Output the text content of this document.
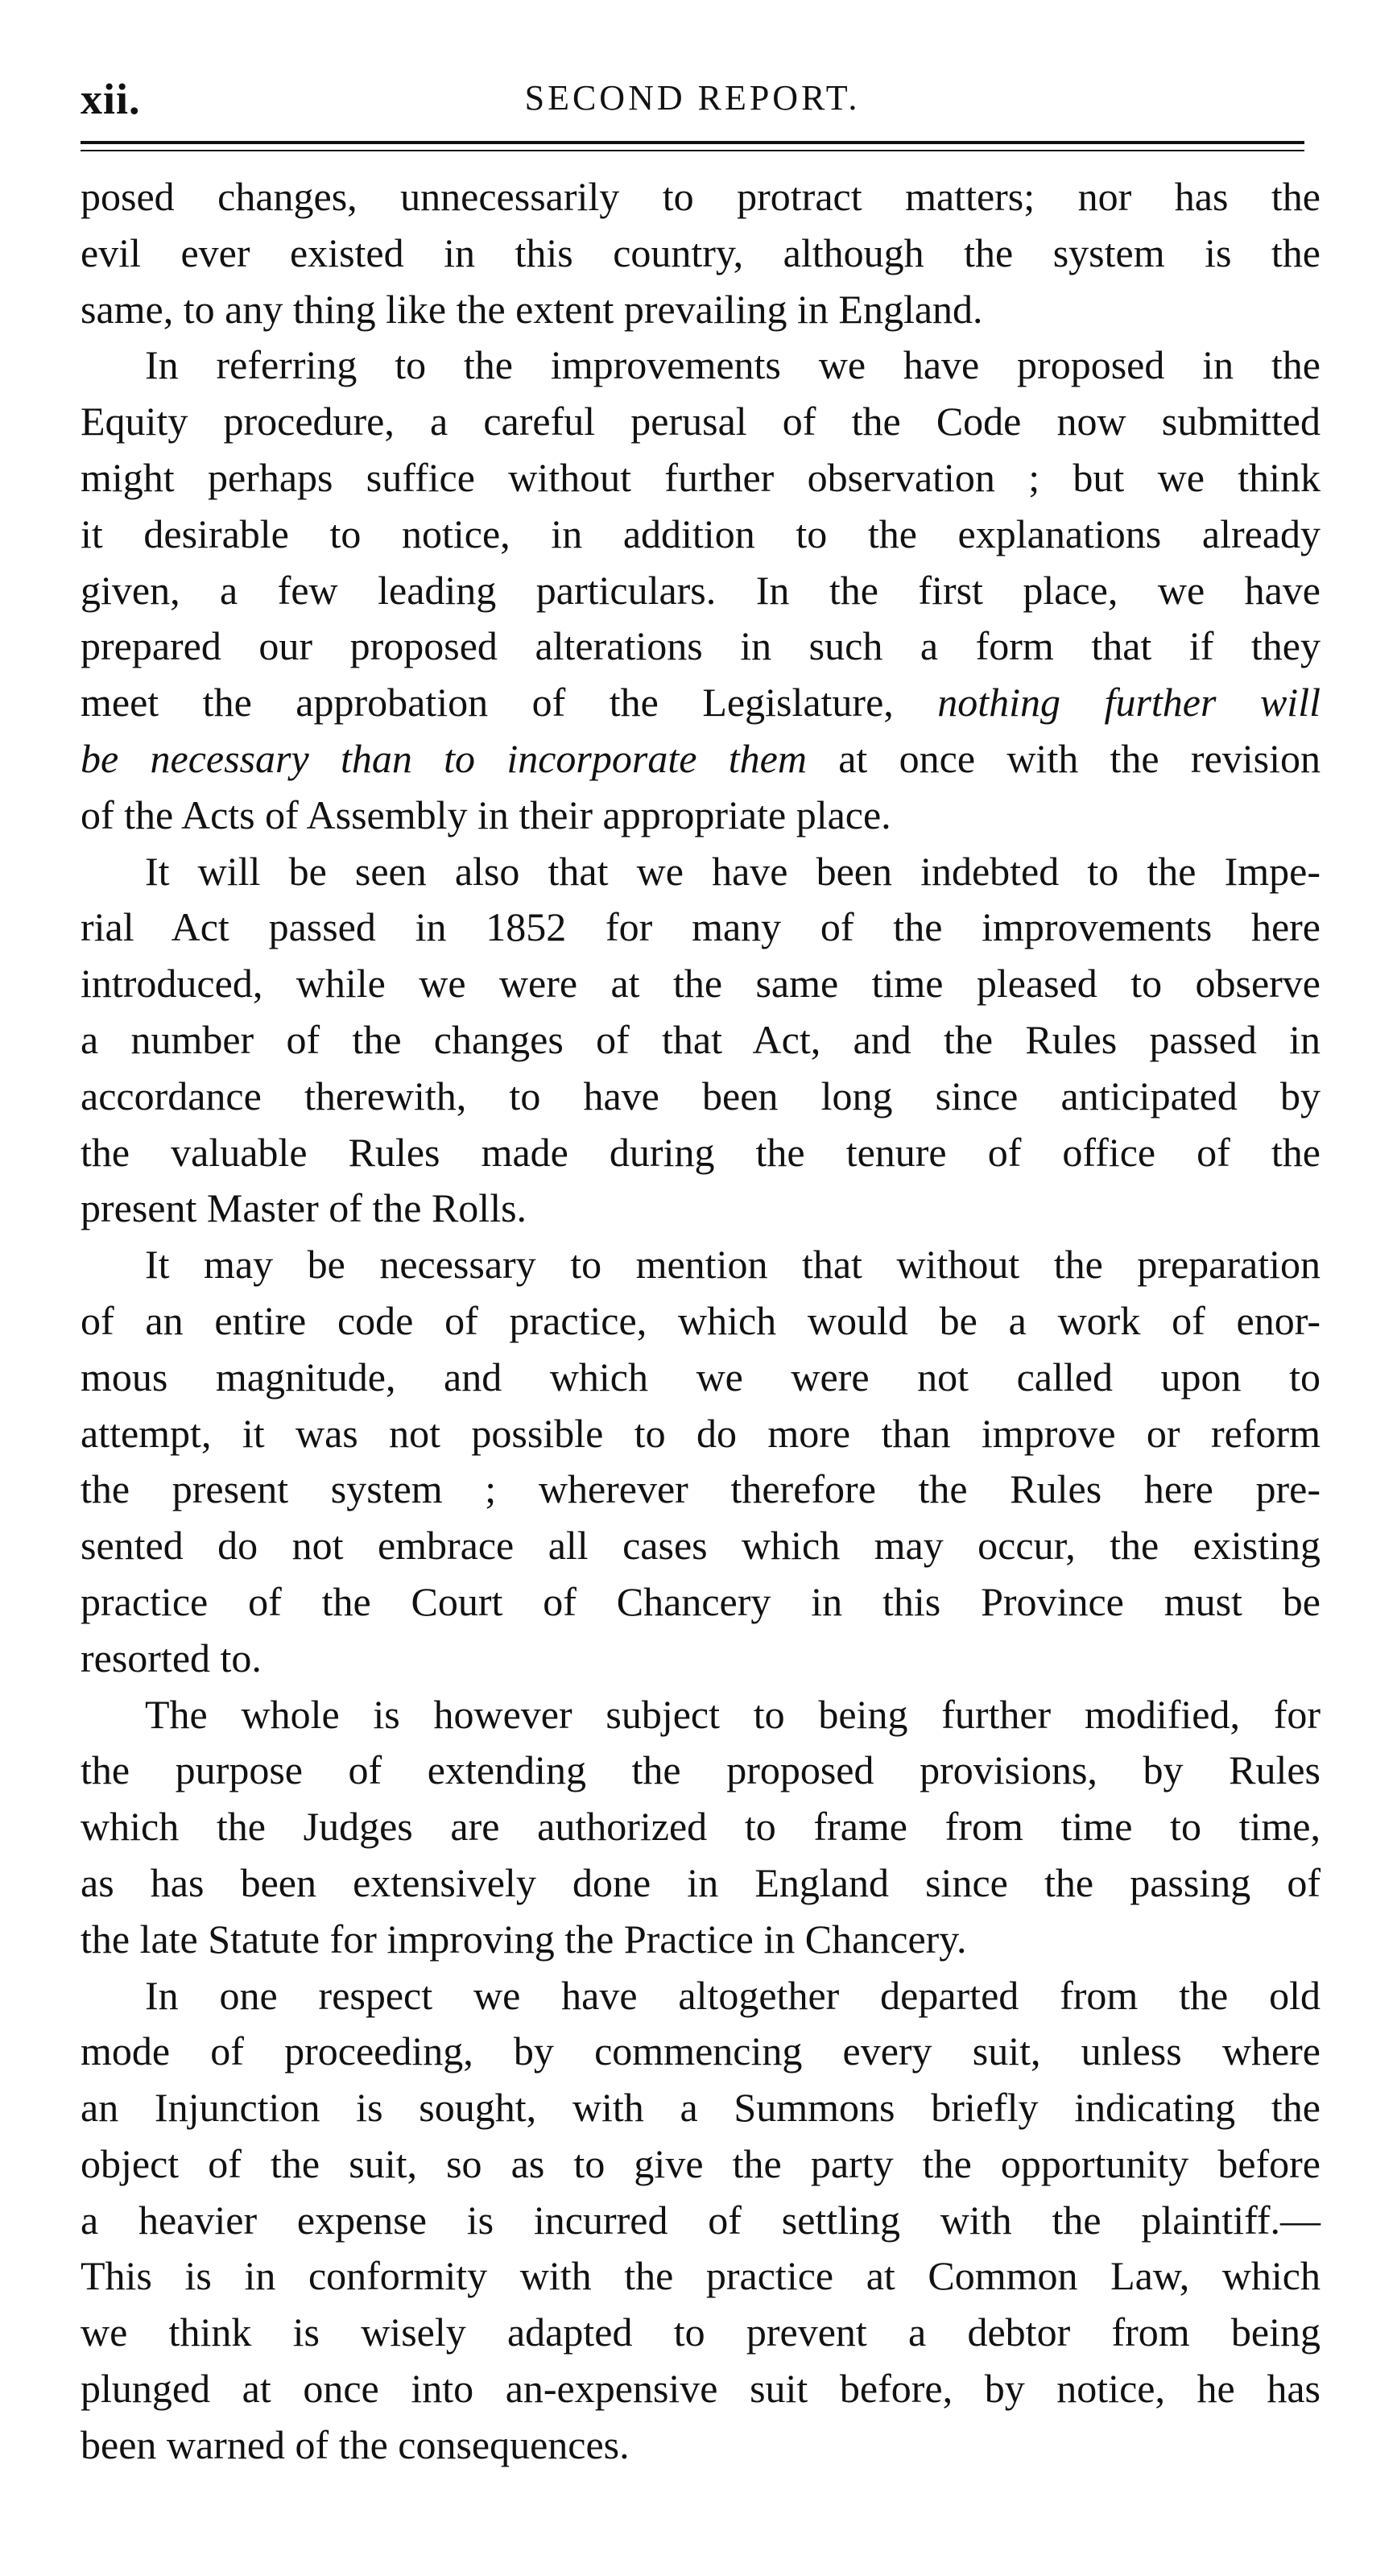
xii.	SECOND REPORT.
posed changes, unnecessarily to protract matters; nor has the
evil ever existed in this country, although the system is the
same, to any thing like the extent prevailing in England.
In referring to the improvements we have proposed in the
Equity procedure, a careful perusal of the Code now submitted
might perhaps suffice without further observation ; but we think
it desirable to notice, in addition to the explanations already
given, a few leading particulars. In the first place, we have
prepared our proposed alterations in such a form that if they
meet the approbation of the Legislature, nothing further will
be necessary than to incorporate them at once with the revision
of the Acts of Assembly in their appropriate place.
It will be seen also that we have been indebted to the Impe-
rial Act passed in 1852 for many of the improvements here
introduced, while we were at the same time pleased to observe
a number of the changes of that Act, and the Rules passed in
accordance therewith, to have been long since anticipated by
the valuable Rules made during the tenure of office of the
present Master of the Rolls.
It may be necessary to mention that without the preparation
of an entire code of practice, which would be a work of enor-
mous magnitude, and which we were not called upon to
attempt, it was not possible to do more than improve or reform
the present system ; wherever therefore the Rules here pre-
sented do not embrace all cases which may occur, the existing
practice of the Court of Chancery in this Province must be
resorted to.
The whole is however subject to being further modified, for
the purpose of extending the proposed provisions, by Rules
which the Judges are authorized to frame from time to time,
as has been extensively done in England since the passing of
the late Statute for improving the Practice in Chancery.
In one respect we have altogether departed from the old
mode of proceeding, by commencing every suit, unless where
an Injunction is sought, with a Summons briefly indicating the
object of the suit, so as to give the party the opportunity before
a heavier expense is incurred of settling with the plaintiff.—
This is in conformity with the practice at Common Law, which
we think is wisely adapted to prevent a debtor from being
plunged at once into an-expensive suit before, by notice, he has
been warned of the consequences.
